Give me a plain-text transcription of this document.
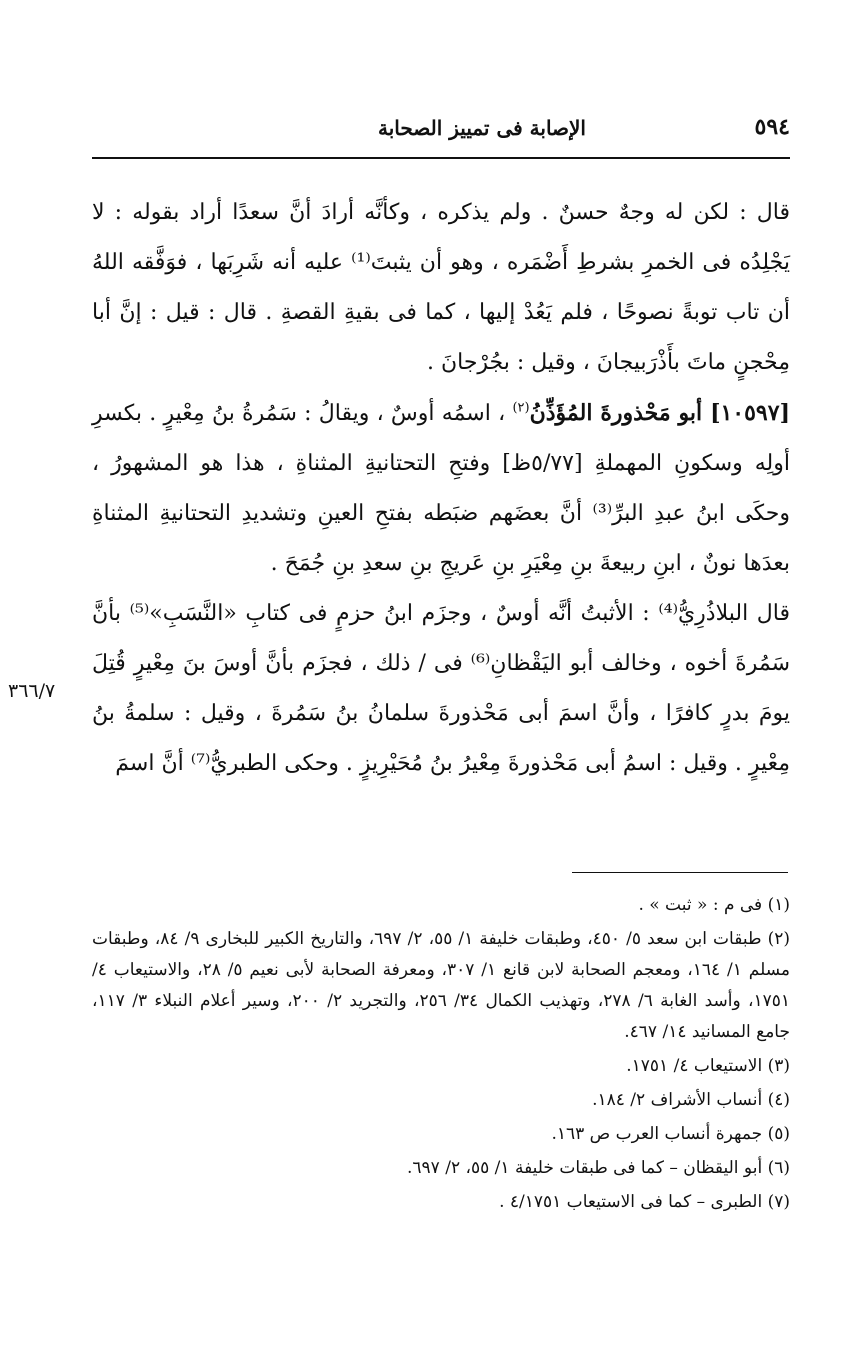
٥٩٤
الإصابة فى تمييز الصحابة

قال : لكن له وجهٌ حسنٌ . ولم يذكره ، وكأنَّه أرادَ أنَّ سعدًا أراد بقوله : لا يَجْلِدُه فى الخمرِ بشرطِ أَضْمَره ، وهو أن يثبتَ⁽¹⁾ عليه أنه شَرِبَها ، فوَفَّقه اللهُ أن تاب توبةً نصوحًا ، فلم يَعُدْ إليها ، كما فى بقيةِ القصةِ . قال : قيل : إنَّ أبا مِحْجنٍ ماتَ بأَذْرَبيجانَ ، وقيل : بجُرْجانَ .

[١٠٥٩٧] أبو مَحْذورةَ المُؤَذِّنُ$^{(٢)}$ ، اسمُه أوسٌ ، ويقالُ : سَمُرةُ بنُ مِعْيرٍ . بكسرِ أولِه وسكونِ المهملةِ [٥/٧٧ظ] وفتحِ التحتانيةِ المثناةِ ، هذا هو المشهورُ ، وحكَى ابنُ عبدِ البرِّ⁽³⁾ أنَّ بعضَهم ضبَطه بفتحِ العينِ وتشديدِ التحتانيةِ المثناةِ بعدَها نونٌ ، ابنِ ربيعةَ بنِ مِعْيَرِ بنِ عَريجِ بنِ سعدِ بنِ جُمَحَ .

قال البلاذُرِيُّ⁽⁴⁾ : الأثبتُ أنَّه أوسٌ ، وجزَم ابنُ حزمٍ فى كتابِ «النَّسَبِ»⁽⁵⁾ بأنَّ سَمُرةَ أخوه ، وخالف أبو اليَقْظانِ⁽⁶⁾ فى / ذلك ، فجزَم بأنَّ أوسَ بنَ مِعْيرٍ قُتِلَ يومَ بدرٍ كافرًا ، وأنَّ اسمَ أبى مَحْذورةَ سلمانُ بنُ سَمُرةَ ، وقيل : سلمةُ بنُ مِعْيرٍ . وقيل : اسمُ أبى مَحْذورةَ مِعْيرُ بنُ مُحَيْرِيزٍ . وحكى الطبريُّ⁽⁷⁾ أنَّ اسمَ

٣٦٦/٧

(١) فى م : « ثبت » .

(٢) طبقات ابن سعد ٥/ ٤٥٠، وطبقات خليفة ١/ ٥٥، ٢/ ٦٩٧، والتاريخ الكبير للبخارى ٩/ ٨٤، وطبقات مسلم ١/ ١٦٤، ومعجم الصحابة لابن قانع ١/ ٣٠٧، ومعرفة الصحابة لأبى نعيم ٥/ ٢٨، والاستيعاب ٤/ ١٧٥١، وأسد الغابة ٦/ ٢٧٨، وتهذيب الكمال ٣٤/ ٢٥٦، والتجريد ٢/ ٢٠٠، وسير أعلام النبلاء ٣/ ١١٧، جامع المسانيد ١٤/ ٤٦٧.

(٣) الاستيعاب ٤/ ١٧٥١.

(٤) أنساب الأشراف ٢/ ١٨٤.

(٥) جمهرة أنساب العرب ص ١٦٣.

(٦) أبو اليقظان – كما فى طبقات خليفة ١/ ٥٥، ٢/ ٦٩٧.

(٧) الطبرى – كما فى الاستيعاب ٤/١٧٥١ .
